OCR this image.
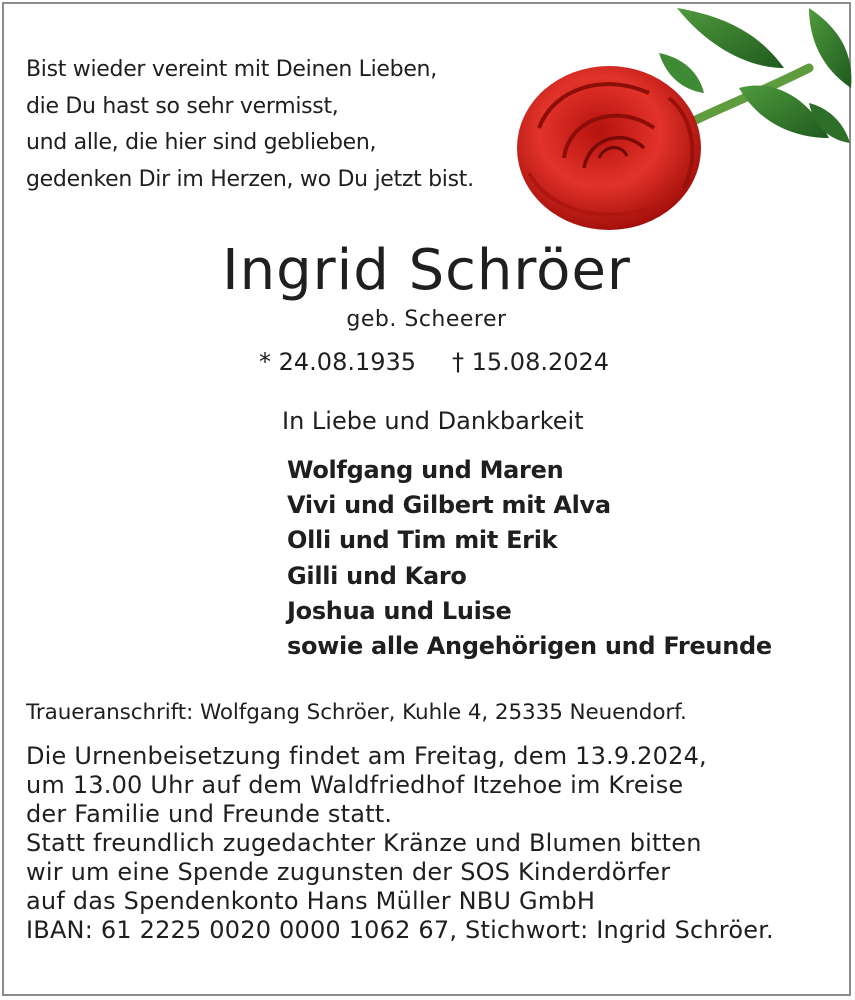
Bist wieder vereint mit Deinen Lieben,
die Du hast so sehr vermisst,
und alle, die hier sind geblieben,
gedenken Dir im Herzen, wo Du jetzt bist.
Ingrid Schröer
geb. Scheerer
* 24.08.1935 † 15.08.2024
In Liebe und Dankbarkeit
Wolfgang und Maren
Vivi und Gilbert mit Alva
Olli und Tim mit Erik
Gilli und Karo
Joshua und Luise
sowie alle Angehörigen und Freunde
Traueranschrift: Wolfgang Schröer, Kuhle 4, 25335 Neuendorf.
Die Urnenbeisetzung findet am Freitag, dem 13.9.2024,
um 13.00 Uhr auf dem Waldfriedhof Itzehoe im Kreise
der Familie und Freunde statt.
Statt freundlich zugedachter Kränze und Blumen bitten
wir um eine Spende zugunsten der SOS Kinderdörfer
auf das Spendenkonto Hans Müller NBU GmbH
IBAN: 61 2225 0020 0000 1062 67, Stichwort: Ingrid Schröer.
